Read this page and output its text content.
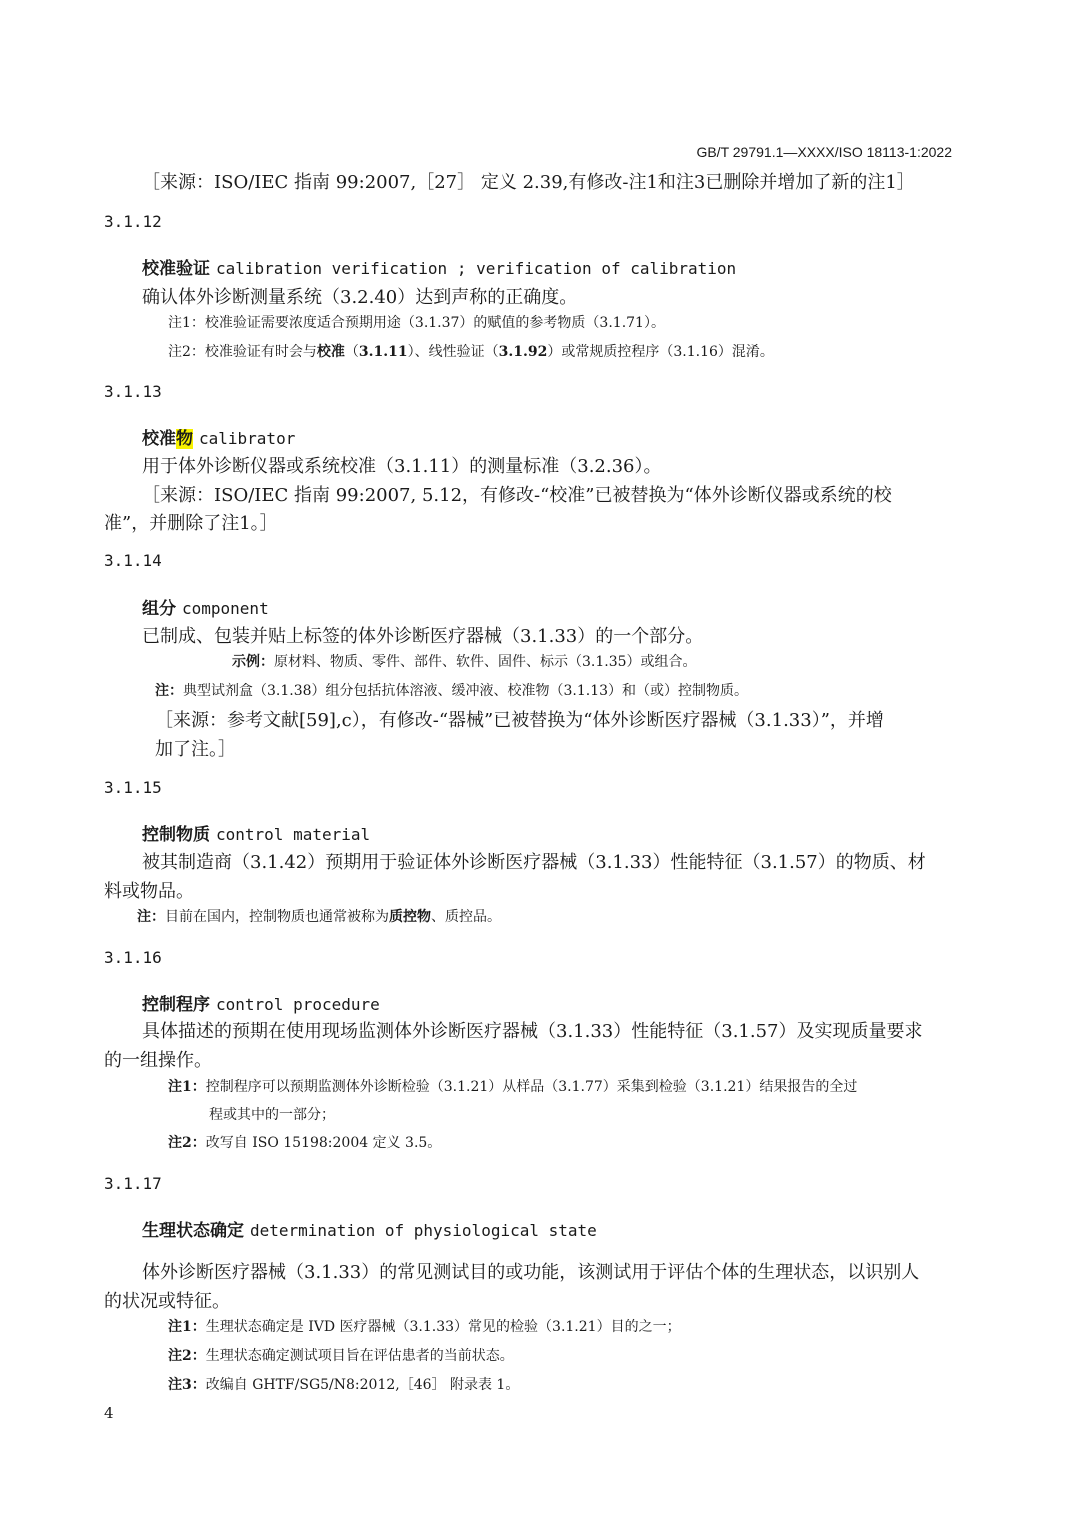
GB/T 29791.1—XXXX/ISO 18113-1:2022
［来源：ISO/IEC 指南 99:2007,［27］ 定义 2.39,有修改-注1和注3已删除并增加了新的注1］
3.1.12
校准验证 calibration verification ; verification of calibration
确认体外诊断测量系统（3.2.40）达到声称的正确度。
注1：校准验证需要浓度适合预期用途（3.1.37）的赋值的参考物质（3.1.71）。
注2：校准验证有时会与校准（3.1.11）、线性验证（3.1.92）或常规质控程序（3.1.16）混淆。
3.1.13
校准物 calibrator
用于体外诊断仪器或系统校准（3.1.11）的测量标准（3.2.36）。
［来源：ISO/IEC 指南 99:2007, 5.12，有修改-“校准”已被替换为“体外诊断仪器或系统的校
准”，并删除了注1。］
3.1.14
组分 component
已制成、包装并贴上标签的体外诊断医疗器械（3.1.33）的一个部分。
示例：原材料、物质、零件、部件、软件、固件、标示（3.1.35）或组合。
注：典型试剂盒（3.1.38）组分包括抗体溶液、缓冲液、校准物（3.1.13）和（或）控制物质。
［来源：参考文献[59],c），有修改-“器械”已被替换为“体外诊断医疗器械（3.1.33）”，并增
加了注。］
3.1.15
控制物质 control material
被其制造商（3.1.42）预期用于验证体外诊断医疗器械（3.1.33）性能特征（3.1.57）的物质、材
料或物品。
注：目前在国内，控制物质也通常被称为质控物、质控品。
3.1.16
控制程序 control procedure
具体描述的预期在使用现场监测体外诊断医疗器械（3.1.33）性能特征（3.1.57）及实现质量要求
的一组操作。
注1：控制程序可以预期监测体外诊断检验（3.1.21）从样品（3.1.77）采集到检验（3.1.21）结果报告的全过
程或其中的一部分；
注2：改写自 ISO 15198:2004 定义 3.5。
3.1.17
生理状态确定 determination of physiological state
体外诊断医疗器械（3.1.33）的常见测试目的或功能，该测试用于评估个体的生理状态，以识别人
的状况或特征。
注1：生理状态确定是 IVD 医疗器械（3.1.33）常见的检验（3.1.21）目的之一；
注2：生理状态确定测试项目旨在评估患者的当前状态。
注3：改编自 GHTF/SG5/N8:2012,［46］ 附录表 1。
4
